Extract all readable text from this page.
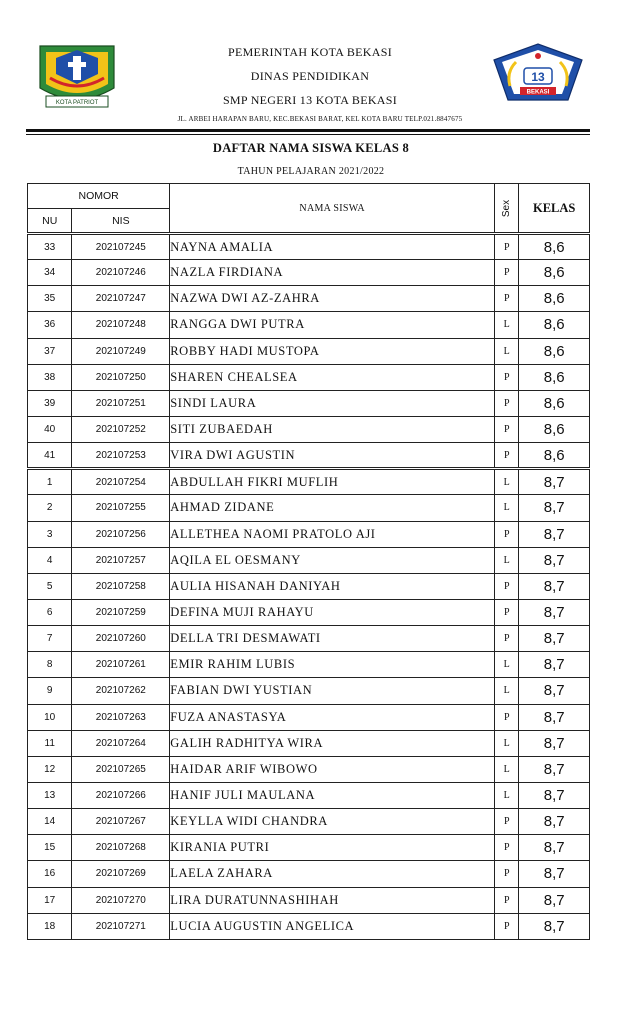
KOTA PATRIOT
PEMERINTAH KOTA BEKASI
DINAS PENDIDIKAN
SMP NEGERI 13 KOTA BEKASI
13
BEKASI
JL. ARBEI HARAPAN BARU, KEC.BEKASI BARAT, KEL KOTA BARU TELP.021.8847675
DAFTAR NAMA SISWA KELAS 8
TAHUN PELAJARAN 2021/2022
NOMOR		NAMA SISWA	Sex	KELAS
NU	NIS			
33	202107245	NAYNA AMALIA	P	8,6
34	202107246	NAZLA FIRDIANA	P	8,6
35	202107247	NAZWA DWI AZ-ZAHRA	P	8,6
36	202107248	RANGGA DWI PUTRA	L	8,6
37	202107249	ROBBY HADI MUSTOPA	L	8,6
38	202107250	SHAREN CHEALSEA	P	8,6
39	202107251	SINDI LAURA	P	8,6
40	202107252	SITI ZUBAEDAH	P	8,6
41	202107253	VIRA DWI AGUSTIN	P	8,6
1	202107254	ABDULLAH FIKRI MUFLIH	L	8,7
2	202107255	AHMAD ZIDANE	L	8,7
3	202107256	ALLETHEA NAOMI PRATOLO AJI	P	8,7
4	202107257	AQILA EL OESMANY	L	8,7
5	202107258	AULIA HISANAH DANIYAH	P	8,7
6	202107259	DEFINA MUJI RAHAYU	P	8,7
7	202107260	DELLA TRI DESMAWATI	P	8,7
8	202107261	EMIR RAHIM LUBIS	L	8,7
9	202107262	FABIAN DWI YUSTIAN	L	8,7
10	202107263	FUZA ANASTASYA	P	8,7
11	202107264	GALIH RADHITYA WIRA	L	8,7
12	202107265	HAIDAR ARIF WIBOWO	L	8,7
13	202107266	HANIF JULI MAULANA	L	8,7
14	202107267	KEYLLA WIDI CHANDRA	P	8,7
15	202107268	KIRANIA PUTRI	P	8,7
16	202107269	LAELA ZAHARA	P	8,7
17	202107270	LIRA DURATUNNASHIHAH	P	8,7
18	202107271	LUCIA AUGUSTIN ANGELICA	P	8,7
